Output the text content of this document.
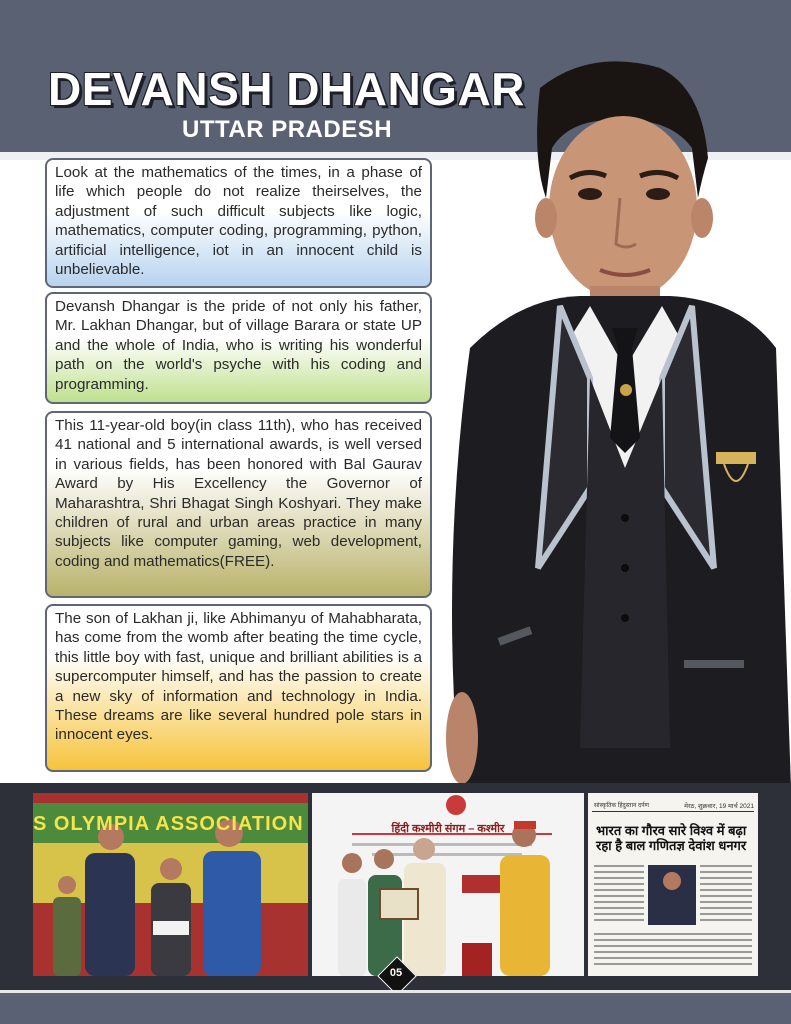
DEVANSH DHANGAR
UTTAR PRADESH
Look at the mathematics of the times, in a phase of life which people do not realize theirselves, the adjustment of such difficult subjects like logic, mathematics, computer coding, programming, python, artificial intelligence, iot in an innocent child is unbelievable.
Devansh Dhangar is the pride of not only his father, Mr. Lakhan Dhangar, but of village Barara or state UP and the whole of India, who is writing his wonderful path on the world's psyche with his coding and programming.
This 11-year-old boy(in class 11th), who has received 41 national and 5 international awards, is well versed in various fields, has been honored with Bal Gaurav Award by His Excellency the Governor of Maharashtra, Shri Bhagat Singh Koshyari. They make children of rural and urban areas practice in many subjects like computer gaming, web development, coding and mathematics(FREE).
The son of Lakhan ji, like Abhimanyu of Mahabharata, has come from the womb after beating the time cycle, this little boy with fast, unique and brilliant abilities is a supercomputer himself, and has the passion to create a new sky of information and technology in India. These dreams are like several hundred pole stars in innocent eyes.
S OLYMPIA ASSOCIATION	हिंदी कश्मीरी संगम – कश्मीर
सांस्कृतिक हिंदुस्तान दर्पण	मेरठ, शुक्रवार, 19 मार्च 2021
भारत का गौरव सारे विश्व में बढ़ा रहा है बाल गणितज्ञ देवांश धनगर
05
